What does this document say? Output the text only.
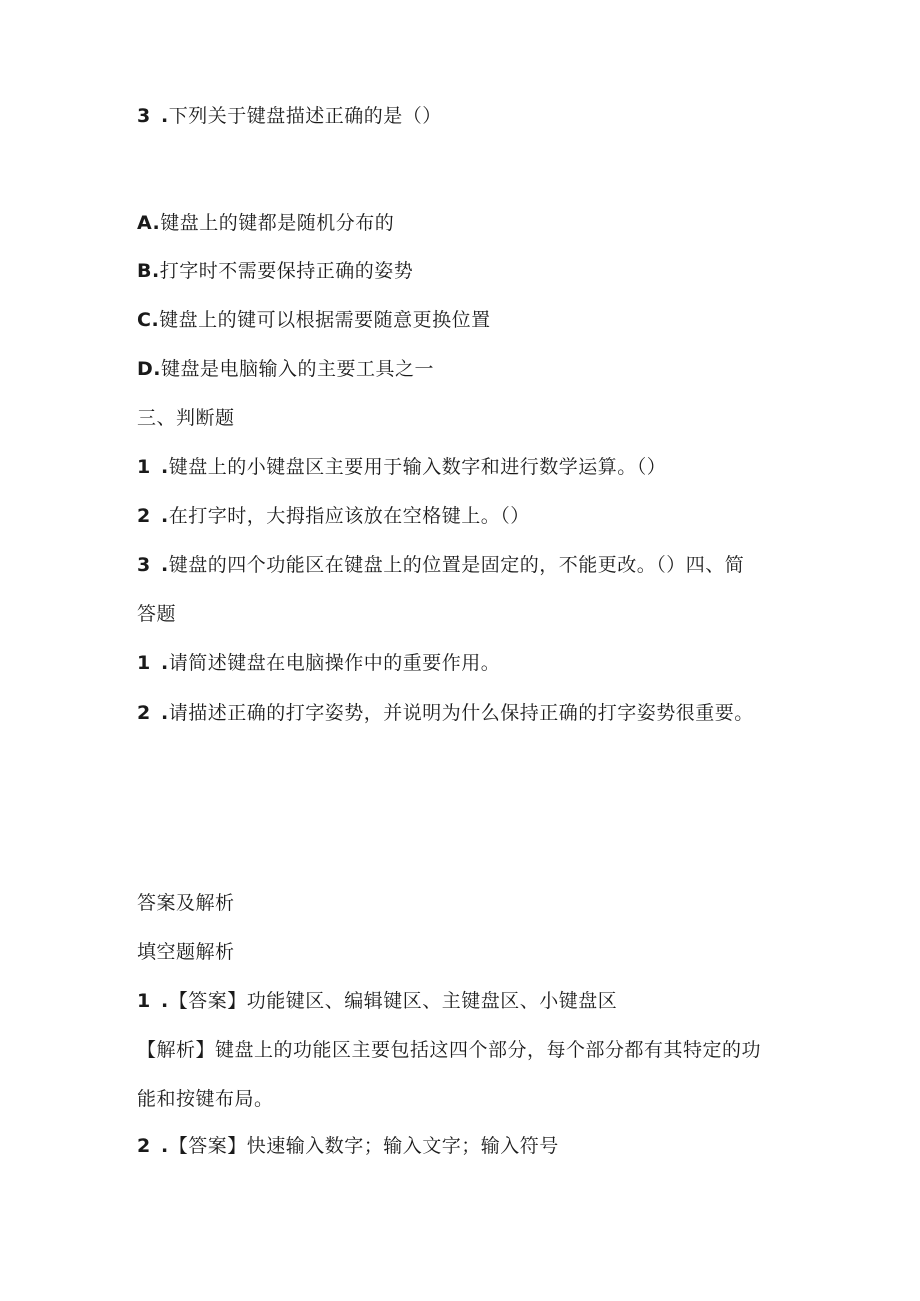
3 .下列关于键盘描述正确的是（）
A.键盘上的键都是随机分布的
B.打字时不需要保持正确的姿势
C.键盘上的键可以根据需要随意更换位置
D.键盘是电脑输入的主要工具之一
三、判断题
1 .键盘上的小键盘区主要用于输入数字和进行数学运算。（）
2 .在打字时，大拇指应该放在空格键上。（）
3 .键盘的四个功能区在键盘上的位置是固定的，不能更改。（）四、简
答题
1 .请简述键盘在电脑操作中的重要作用。
2 .请描述正确的打字姿势，并说明为什么保持正确的打字姿势很重要。
答案及解析
填空题解析
1 .【答案】功能键区、编辑键区、主键盘区、小键盘区
【解析】键盘上的功能区主要包括这四个部分，每个部分都有其特定的功
能和按键布局。
2 .【答案】快速输入数字；输入文字；输入符号
